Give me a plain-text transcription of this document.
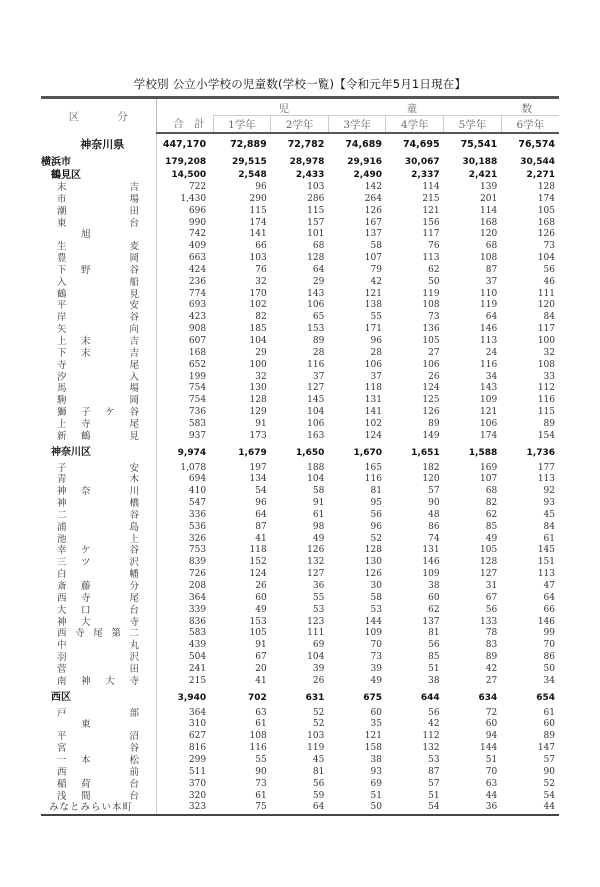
学校別 公立小学校の児童数(学校一覧)【令和元年5月1日現在】
区 分	児 童 数						

	合　計	1学年	2学年	3学年	4学年	5学年	6学年
神奈川県	447,170	72,889	72,782	74,689	74,695	75,541	76,574
横浜市	179,208	29,515	28,978	29,916	30,067	30,188	30,544
鶴見区	14,500	2,548	2,433	2,490	2,337	2,421	2,271

末 吉	722	96	103	142	114	139	128

市 場	1,430	290	286	264	215	201	174

潮 田	696	115	115	126	121	114	105

東 台	990	174	157	167	156	168	168

旭	742	141	101	137	117	120	126

生 麦	409	66	68	58	76	68	73

豊 岡	663	103	128	107	113	108	104

下 野 谷	424	76	64	79	62	87	56

入 船	236	32	29	42	50	37	46

鶴 見	774	170	143	121	119	110	111

平 安	693	102	106	138	108	119	120

岸 谷	423	82	65	55	73	64	84

矢 向	908	185	153	171	136	146	117

上 末 吉	607	104	89	96	105	113	100

下 末 吉	168	29	28	28	27	24	32

寺 尾	652	100	116	106	106	116	108

汐 入	199	32	37	37	26	34	33

馬 場	754	130	127	118	124	143	112

駒 岡	754	128	145	131	125	109	116

獅 子 ケ 谷	736	129	104	141	126	121	115

上 寺 尾	583	91	106	102	89	106	89

新 鶴 見	937	173	163	124	149	174	154
神奈川区	9,974	1,679	1,650	1,670	1,651	1,588	1,736

子 安	1,078	197	188	165	182	169	177

青 木	694	134	104	116	120	107	113

神 奈 川	410	54	58	81	57	68	92

神 橋	547	96	91	95	90	82	93

二 谷	336	64	61	56	48	62	45

浦 島	536	87	98	96	86	85	84

池 上	326	41	49	52	74	49	61

幸 ケ 谷	753	118	126	128	131	105	145

三 ツ 沢	839	152	132	130	146	128	151

白 幡	726	124	127	126	109	127	113

斎 藤 分	208	26	36	30	38	31	47

西 寺 尾	364	60	55	58	60	67	64

大 口 台	339	49	53	53	62	56	66

神 大 寺	836	153	123	144	137	133	146

西 寺 尾 第 二	583	105	111	109	81	78	99

中 丸	439	91	69	70	56	83	70

羽 沢	504	67	104	73	85	89	86

菅 田	241	20	39	39	51	42	50

南 神 大 寺	215	41	26	49	38	27	34
西区	3,940	702	631	675	644	634	654

戸 部	364	63	52	60	56	72	61

東	310	61	52	35	42	60	60

平 沼	627	108	103	121	112	94	89

宮 谷	816	116	119	158	132	144	147

一 本 松	299	55	45	38	53	51	57

西 前	511	90	81	93	87	70	90

稲 荷 台	370	73	56	69	57	63	52

浅 間 台	320	61	59	51	51	44	54

みなとみらい本町	323	75	64	50	54	36	44
